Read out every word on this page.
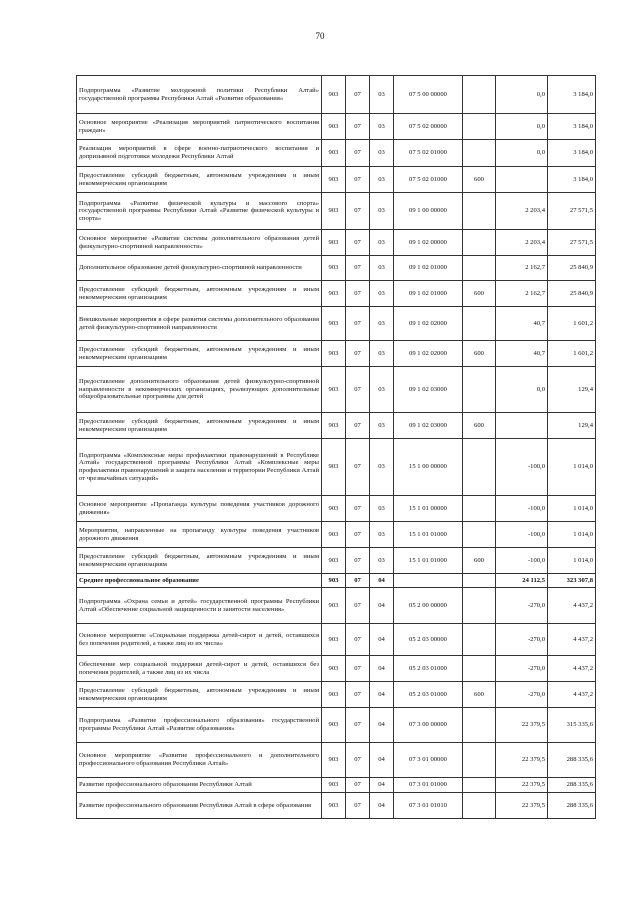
70
Подпрограмма «Развитие молодежной политики Республики Алтай» государственной программы Республики Алтай «Развитие образования»	903	07	03	07 5 00 00000		0,0	3 184,0
Основное мероприятие «Реализация мероприятий патриотического воспитания граждан»	903	07	03	07 5 02 00000		0,0	3 184,0
Реализация мероприятий в сфере военно-патриотического воспитания и допризывной подготовки молодежи Республики Алтай	903	07	03	07 5 02 01000		0,0	3 184,0
Предоставление субсидий бюджетным, автономным учреждениям и иным некоммерческим организациям	903	07	03	07 5 02 01000	600		3 184,0
Подпрограмма «Развитие физической культуры и массового спорта» государственной программы Республики Алтай «Развитие физической культуры и спорта»	903	07	03	09 1 00 00000		2 203,4	27 571,5
Основное мероприятие «Развитие системы дополнительного образования детей физкультурно-спортивной направленности»	903	07	03	09 1 02 00000		2 203,4	27 571,5
Дополнительное образование детей физкультурно-спортивной направленности	903	07	03	09 1 02 01000		2 162,7	25 840,9
Предоставление субсидий бюджетным, автономным учреждениям и иным некоммерческим организациям	903	07	03	09 1 02 01000	600	2 162,7	25 840,9
Внешкольные мероприятия в сфере развития системы дополнительного образования детей физкультурно-спортивной направленности	903	07	03	09 1 02 02000		40,7	1 601,2
Предоставление субсидий бюджетным, автономным учреждениям и иным некоммерческим организациям	903	07	03	09 1 02 02000	600	40,7	1 601,2
Предоставление дополнительного образования детей физкультурно-спортивной направленности в некоммерческих организациях, реализующих дополнительные общеобразовательные программы для детей	903	07	03	09 1 02 03000		0,0	129,4
Предоставление субсидий бюджетным, автономным учреждениям и иным некоммерческим организациям	903	07	03	09 1 02 03000	600		129,4
Подпрограмма «Комплексные меры профилактики правонарушений в Республике Алтай» государственной программы Республики Алтай «Комплексные меры профилактики правонарушений и защита населения и территории Республики Алтай от чрезвычайных ситуаций»	903	07	03	15 1 00 00000		-100,0	1 014,0
Основное мероприятие «Пропаганда культуры поведения участников дорожного движения»	903	07	03	15 1 01 00000		-100,0	1 014,0
Мероприятия, направленные на пропаганду культуры поведения участников дорожного движения	903	07	03	15 1 01 01000		-100,0	1 014,0
Предоставление субсидий бюджетным, автономным учреждениям и иным некоммерческим организациям	903	07	03	15 1 01 01000	600	-100,0	1 014,0
Среднее профессиональное образование	903	07	04			24 112,5	323 307,8
Подпрограмма «Охрана семьи и детей» государственной программы Республики Алтай «Обеспечение социальной защищенности и занятости населения»	903	07	04	05 2 00 00000		-270,0	4 437,2
Основное мероприятие «Социальная поддержка детей-сирот и детей, оставшихся без попечения родителей, а также лиц из их числа»	903	07	04	05 2 03 00000		-270,0	4 437,2
Обеспечение мер социальной поддержки детей-сирот и детей, оставшихся без попечения родителей, а также лиц из их числа	903	07	04	05 2 03 01000		-270,0	4 437,2
Предоставление субсидий бюджетным, автономным учреждениям и иным некоммерческим организациям	903	07	04	05 2 03 01000	600	-270,0	4 437,2
Подпрограмма «Развитие профессионального образования» государственной программы Республики Алтай «Развитие образования»	903	07	04	07 3 00 00000		22 379,5	315 335,6
Основное мероприятие «Развитие профессионального и дополнительного профессионального образования Республики Алтай»	903	07	04	07 3 01 00000		22 379,5	288 335,6
Развитие профессионального образования Республики Алтай	903	07	04	07 3 01 01000		22 379,5	288 335,6
Развитие профессионального образования Республики Алтай в сфере образования	903	07	04	07 3 01 01010		22 379,5	288 335,6
